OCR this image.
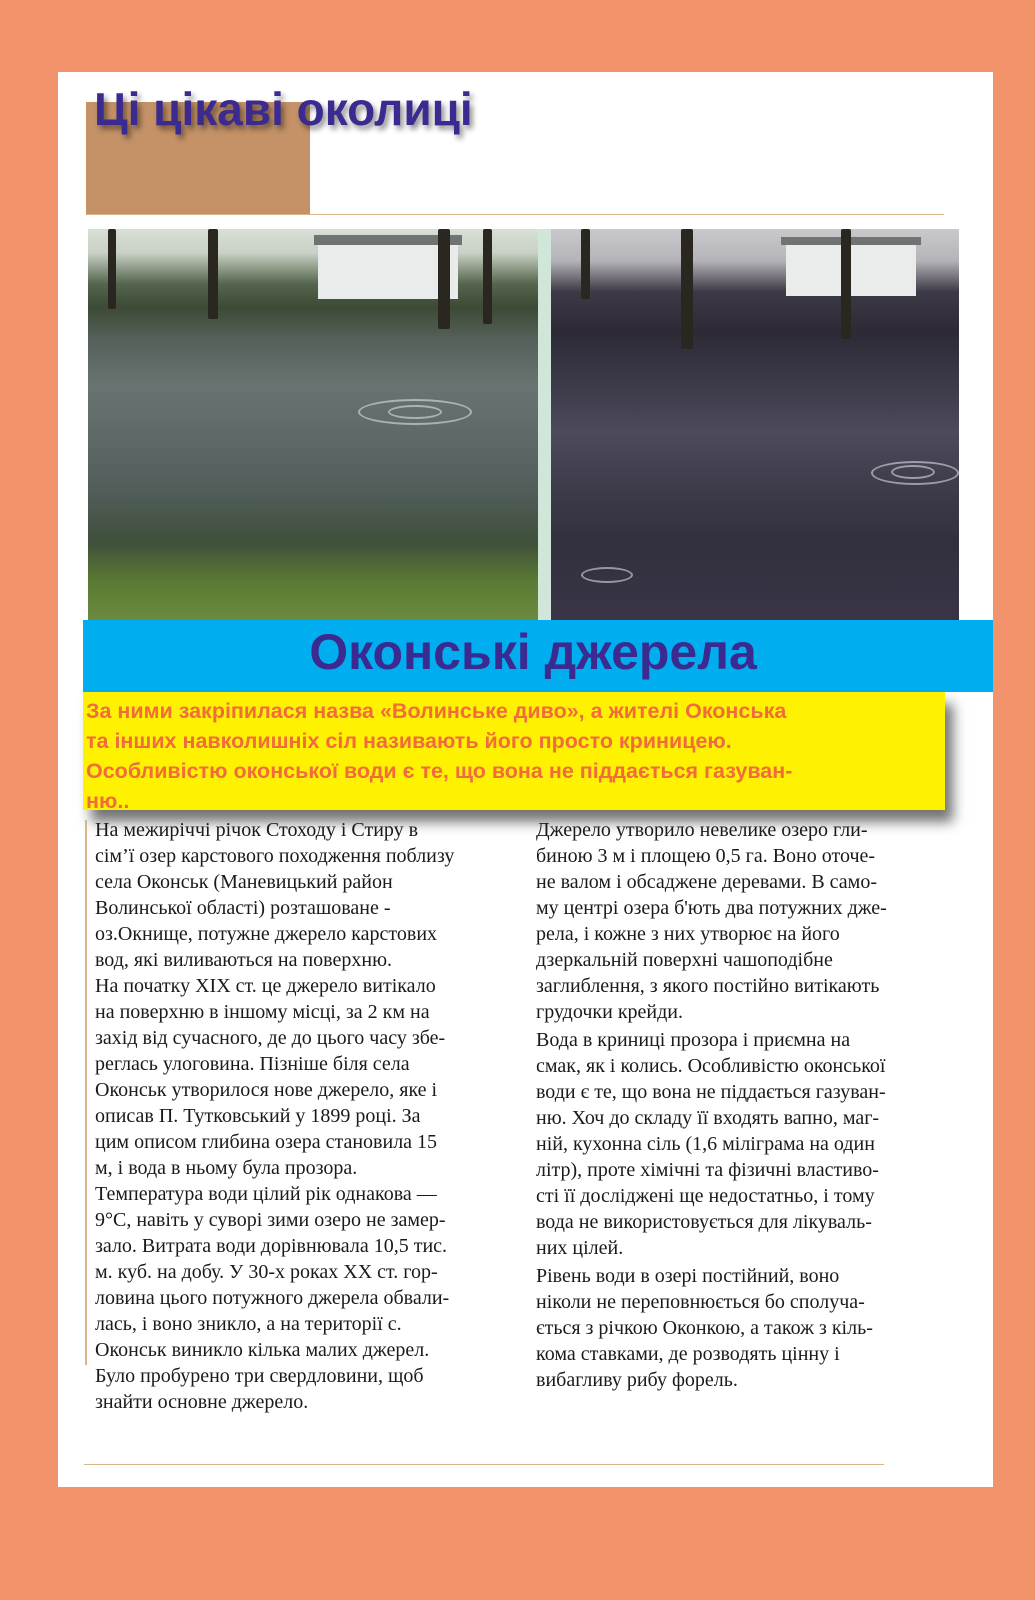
Ці цікаві околиці
Оконські джерела

За ними закріпилася назва «Волинське диво», а жителі Оконська
та інших навколишніх сіл називають його просто криницею.
Особливістю оконської води є те, що вона не піддається газуван-
ню..

На межиріччі річок Стоходу і Стиру в
сім’ї озер карстового походження поблизу
села Оконськ (Маневицький район
Волинської області) розташоване -
оз.Окнище, потужне джерело карстових
вод, які виливаються на поверхню.

На початку XIX ст. це джерело витікало
на поверхню в іншому місці, за 2 км на
захід від сучасного, де до цього часу збе-
реглась улоговина. Пізніше біля села
Оконськ утворилося нове джерело, яке і
описав П. Тутковський у 1899 році. За
цим описом глибина озера становила 15
м, і вода в ньому була прозора.
Температура води цілий рік однакова —
9°С, навіть у суворі зими озеро не замер-
зало. Витрата води дорівнювала 10,5 тис.
м. куб. на добу. У 30-х роках XX ст. гор-
ловина цього потужного джерела обвали-
лась, і воно зникло, а на території с.
Оконськ виникло кілька малих джерел.
Було пробурено три свердловини, щоб
знайти основне джерело.

Джерело утворило невелике озеро гли-
биною 3 м і площею 0,5 га. Воно оточе-
не валом і обсаджене деревами. В само-
му центрі озера б'ють два потужних дже-
рела, і кожне з них утворює на його
дзеркальній поверхні чашоподібне
заглиблення, з якого постійно витікають
грудочки крейди.

Вода в криниці прозора і приємна на
смак, як і колись. Особливістю оконської
води є те, що вона не піддається газуван-
ню. Хоч до складу її входять вапно, маг-
ній, кухонна сіль (1,6 міліграма на один
літр), проте хімічні та фізичні властиво-
сті її досліджені ще недостатньо, і тому
вода не використовується для лікуваль-
них цілей.

Рівень води в озері постійний, воно
ніколи не переповнюється бо сполуча-
ється з річкою Оконкою, а також з кіль-
кома ставками, де розводять цінну і
вибагливу рибу форель.
